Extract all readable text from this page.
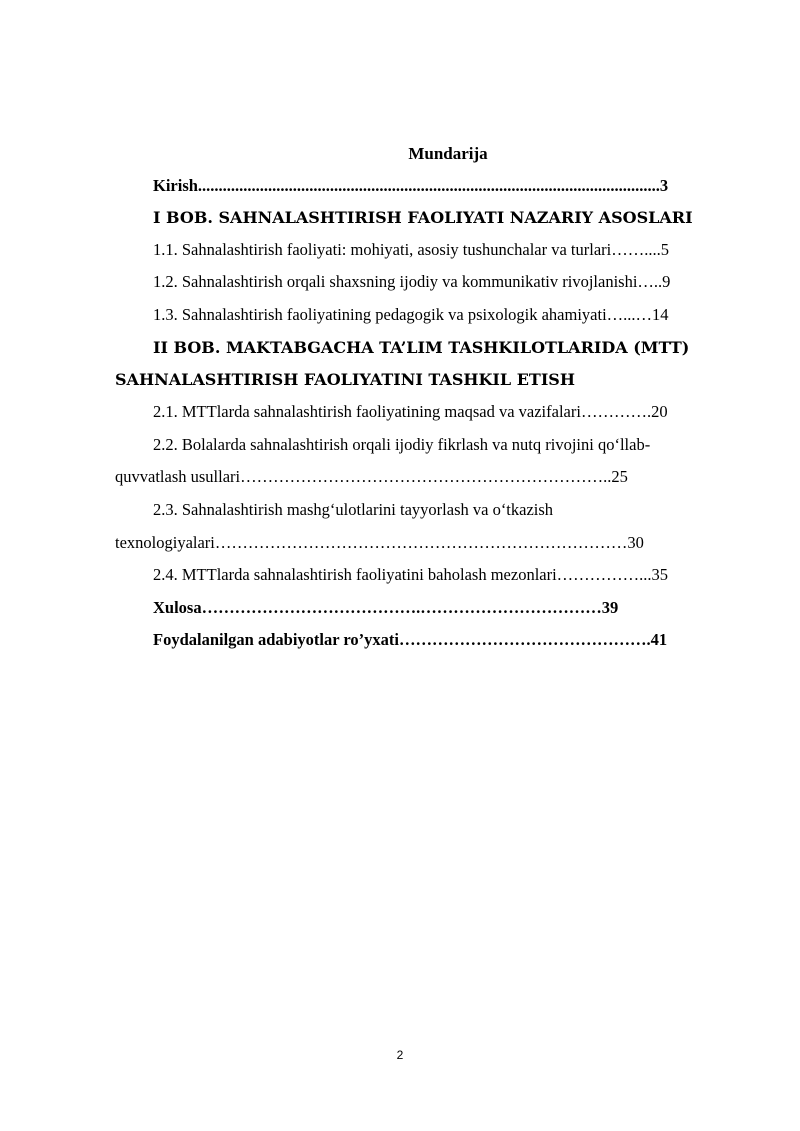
Mundarija
Kirish................................................................................................................3
I BOB. SAHNALASHTIRISH FAOLIYATI NAZARIY ASOSLARI
1.1. Sahnalashtirish faoliyati: mohiyati, asosiy tushunchalar va turlari……....5
1.2. Sahnalashtirish orqali shaxsning ijodiy va kommunikativ rivojlanishi…..9
1.3. Sahnalashtirish faoliyatining pedagogik va psixologik ahamiyati…...…14
II BOB. MAKTABGACHA TA’LIM TASHKILOTLARIDA (MTT)
SAHNALASHTIRISH FAOLIYATINI TASHKIL ETISH
2.1. MTTlarda sahnalashtirish faoliyatining maqsad va vazifalari………….20
2.2. Bolalarda sahnalashtirish orqali ijodiy fikrlash va nutq rivojini qo‘llab-
quvvatlash usullari…………………………………………………………..25
2.3. Sahnalashtirish mashg‘ulotlarini tayyorlash va o‘tkazish
texnologiyalari…………………………………………………………………30
2.4. MTTlarda sahnalashtirish faoliyatini baholash mezonlari……………...35
Xulosa………………………………….……………………………39
Foydalanilgan adabiyotlar ro’yxati……………………………………….41
2
